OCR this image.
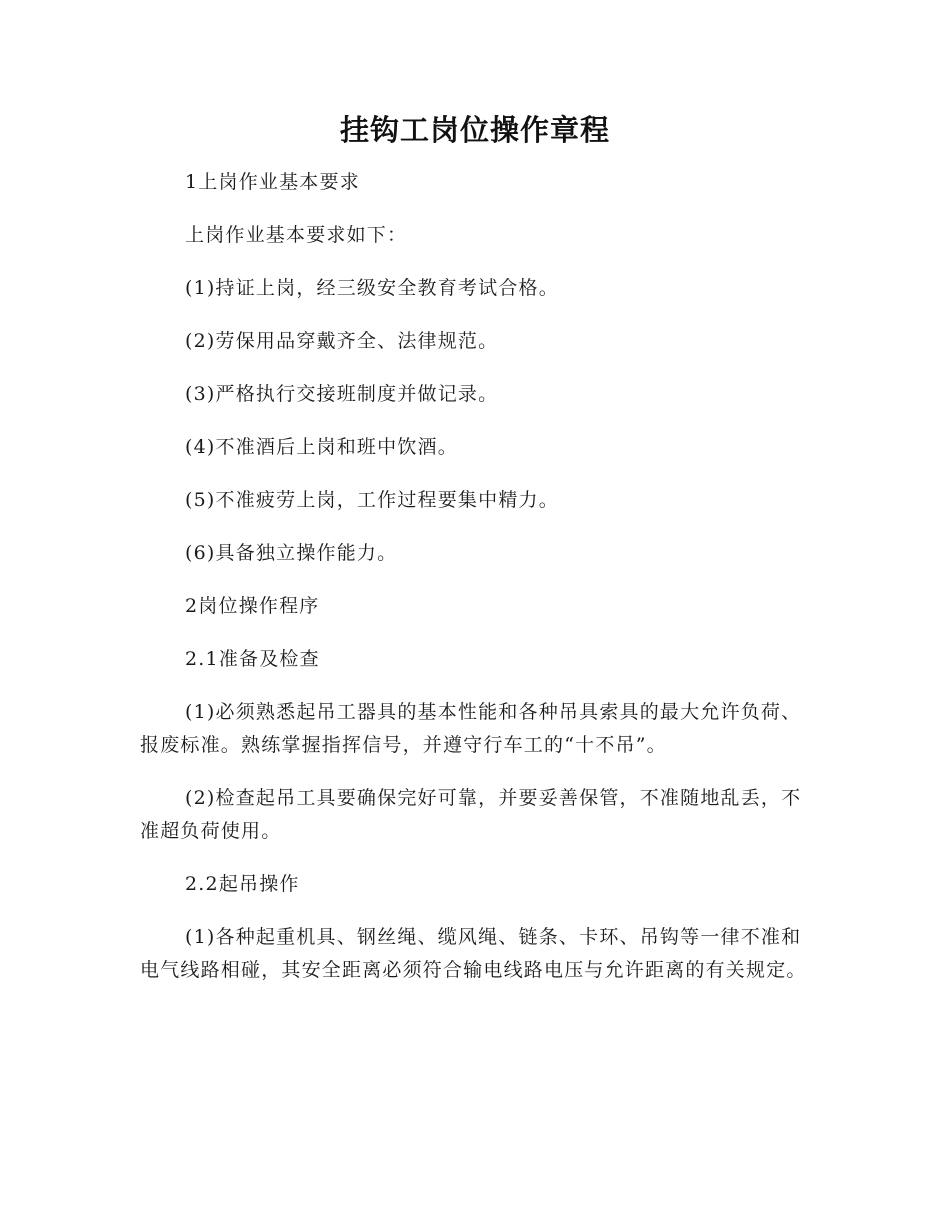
挂钩工岗位操作章程

1上岗作业基本要求

上岗作业基本要求如下：

(1)持证上岗，经三级安全教育考试合格。

(2)劳保用品穿戴齐全、法律规范。

(3)严格执行交接班制度并做记录。

(4)不准酒后上岗和班中饮酒。

(5)不准疲劳上岗，工作过程要集中精力。

(6)具备独立操作能力。

2岗位操作程序

2.1准备及检查

(1)必须熟悉起吊工器具的基本性能和各种吊具索具的最大允许负荷、报废标准。熟练掌握指挥信号，并遵守行车工的“十不吊”。

(2)检查起吊工具要确保完好可靠，并要妥善保管，不准随地乱丢，不准超负荷使用。

2.2起吊操作

(1)各种起重机具、钢丝绳、缆风绳、链条、卡环、吊钩等一律不准和电气线路相碰，其安全距离必须符合输电线路电压与允许距离的有关规定。
